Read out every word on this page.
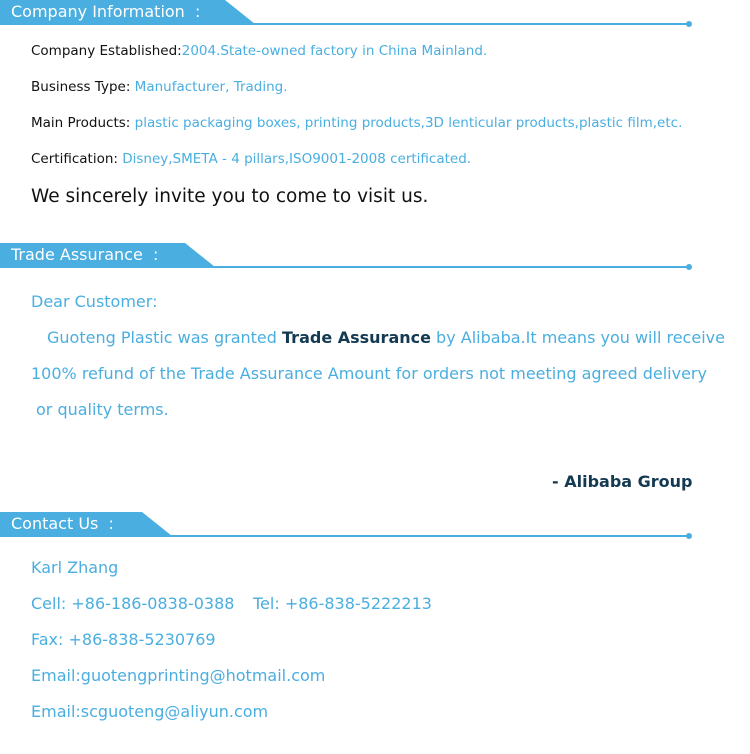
Company Information  :
Company Established:2004.State-owned factory in China Mainland.
Business Type: Manufacturer, Trading.
Main Products: plastic packaging boxes, printing products,3D lenticular products,plastic film,etc.
Certification: Disney,SMETA - 4 pillars,ISO9001-2008 certificated.
We sincerely invite you to come to visit us.
Trade Assurance  :
Dear Customer:
Guoteng Plastic was granted Trade Assurance by Alibaba.It means you will receive
100% refund of the Trade Assurance Amount for orders not meeting agreed delivery
or quality terms.
- Alibaba Group
Contact Us  :
Karl Zhang
Cell: +86-186-0838-0388 Tel: +86-838-5222213
Fax: +86-838-5230769
Email:guotengprinting@hotmail.com
Email:scguoteng@aliyun.com
